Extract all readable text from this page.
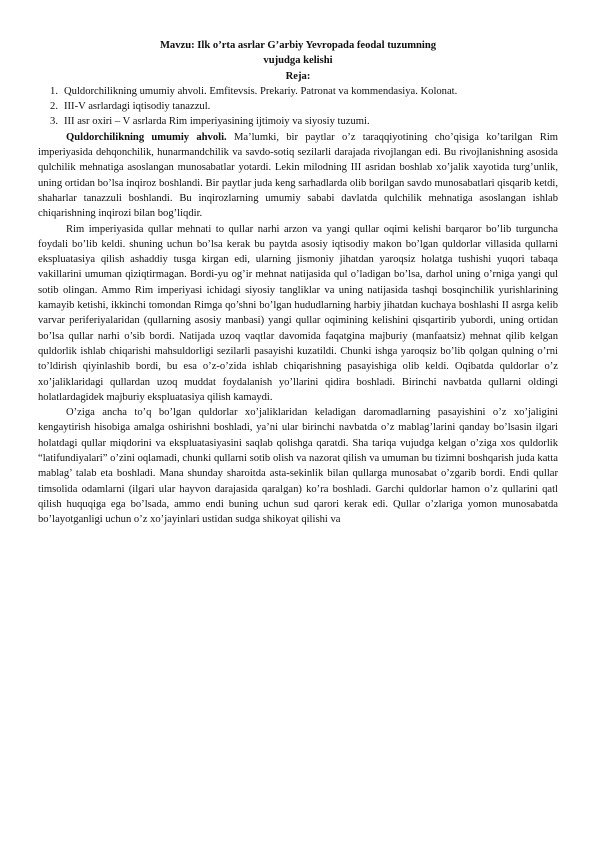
Mavzu: Ilk o’rta asrlar G’arbiy Yevropada feodal tuzumning

vujudga kelishi

Reja:

1. Quldorchilikning umumiy ahvoli. Emfitevsis. Prekariy. Patronat va kommendasiya. Kolonat.
2. III-V asrlardagi iqtisodiy tanazzul.
3. III asr oxiri – V asrlarda Rim imperiyasining ijtimoiy va siyosiy tuzumi.

Quldorchilikning umumiy ahvoli. Ma’lumki, bir paytlar o’z taraqqiyotining cho’qisiga ko’tarilgan Rim imperiyasida dehqonchilik, hunarmandchilik va savdo-sotiq sezilarli darajada rivojlangan edi. Bu rivojlanishning asosida qulchilik mehnatiga asoslangan munosabatlar yotardi. Lekin milodning III asridan boshlab xo’jalik xayotida turg’unlik, uning ortidan bo’lsa inqiroz boshlandi. Bir paytlar juda keng sarhadlarda olib borilgan savdo munosabatlari qisqarib ketdi, shaharlar tanazzuli boshlandi. Bu inqirozlarning umumiy sababi davlatda qulchilik mehnatiga asoslangan ishlab chiqarishning inqirozi bilan bog’liqdir.

Rim imperiyasida qullar mehnati to qullar narhi arzon va yangi qullar oqimi kelishi barqaror bo’lib turguncha foydali bo’lib keldi. shuning uchun bo’lsa kerak bu paytda asosiy iqtisodiy makon bo’lgan quldorlar villasida qullarni ekspluatasiya qilish ashaddiy tusga kirgan edi, ularning jismoniy jihatdan yaroqsiz holatga tushishi yuqori tabaqa vakillarini umuman qiziqtirmagan. Bordi-yu og’ir mehnat natijasida qul o’ladigan bo’lsa, darhol uning o’rniga yangi qul sotib olingan. Ammo Rim imperiyasi ichidagi siyosiy tangliklar va uning natijasida tashqi bosqinchilik yurishlarining kamayib ketishi, ikkinchi tomondan Rimga qo’shni bo’lgan hududlarning harbiy jihatdan kuchaya boshlashi II asrga kelib varvar periferiyalaridan (qullarning asosiy manbasi) yangi qullar oqimining kelishini qisqartirib yubordi, uning ortidan bo’lsa qullar narhi o’sib bordi. Natijada uzoq vaqtlar davomida faqatgina majburiy (manfaatsiz) mehnat qilib kelgan quldorlik ishlab chiqarishi mahsuldorligi sezilarli pasayishi kuzatildi. Chunki ishga yaroqsiz bo’lib qolgan qulning o’rni to’ldirish qiyinlashib bordi, bu esa o’z-o’zida ishlab chiqarishning pasayishiga olib keldi. Oqibatda quldorlar o’z xo’jaliklaridagi qullardan uzoq muddat foydalanish yo’llarini qidira boshladi. Birinchi navbatda qullarni oldingi holatlardagidek majburiy ekspluatasiya qilish kamaydi.

O’ziga ancha to’q bo’lgan quldorlar xo’jaliklaridan keladigan daromadlarning pasayishini o’z xo’jaligini kengaytirish hisobiga amalga oshirishni boshladi, ya’ni ular birinchi navbatda o’z mablag’larini qanday bo’lsasin ilgari holatdagi qullar miqdorini va ekspluatasiyasini saqlab qolishga qaratdi. Sha tariqa vujudga kelgan o’ziga xos quldorlik “latifundiyalari” o’zini oqlamadi, chunki qullarni sotib olish va nazorat qilish va umuman bu tizimni boshqarish juda katta mablag’ talab eta boshladi. Mana shunday sharoitda asta-sekinlik bilan qullarga munosabat o’zgarib bordi. Endi qullar timsolida odamlarni (ilgari ular hayvon darajasida qaralgan) ko’ra boshladi. Garchi quldorlar hamon o’z qullarini qatl qilish huquqiga ega bo’lsada, ammo endi buning uchun sud qarori kerak edi. Qullar o’zlariga yomon munosabatda bo’layotganligi uchun o’z xo’jayinlari ustidan sudga shikoyat qilishi va
